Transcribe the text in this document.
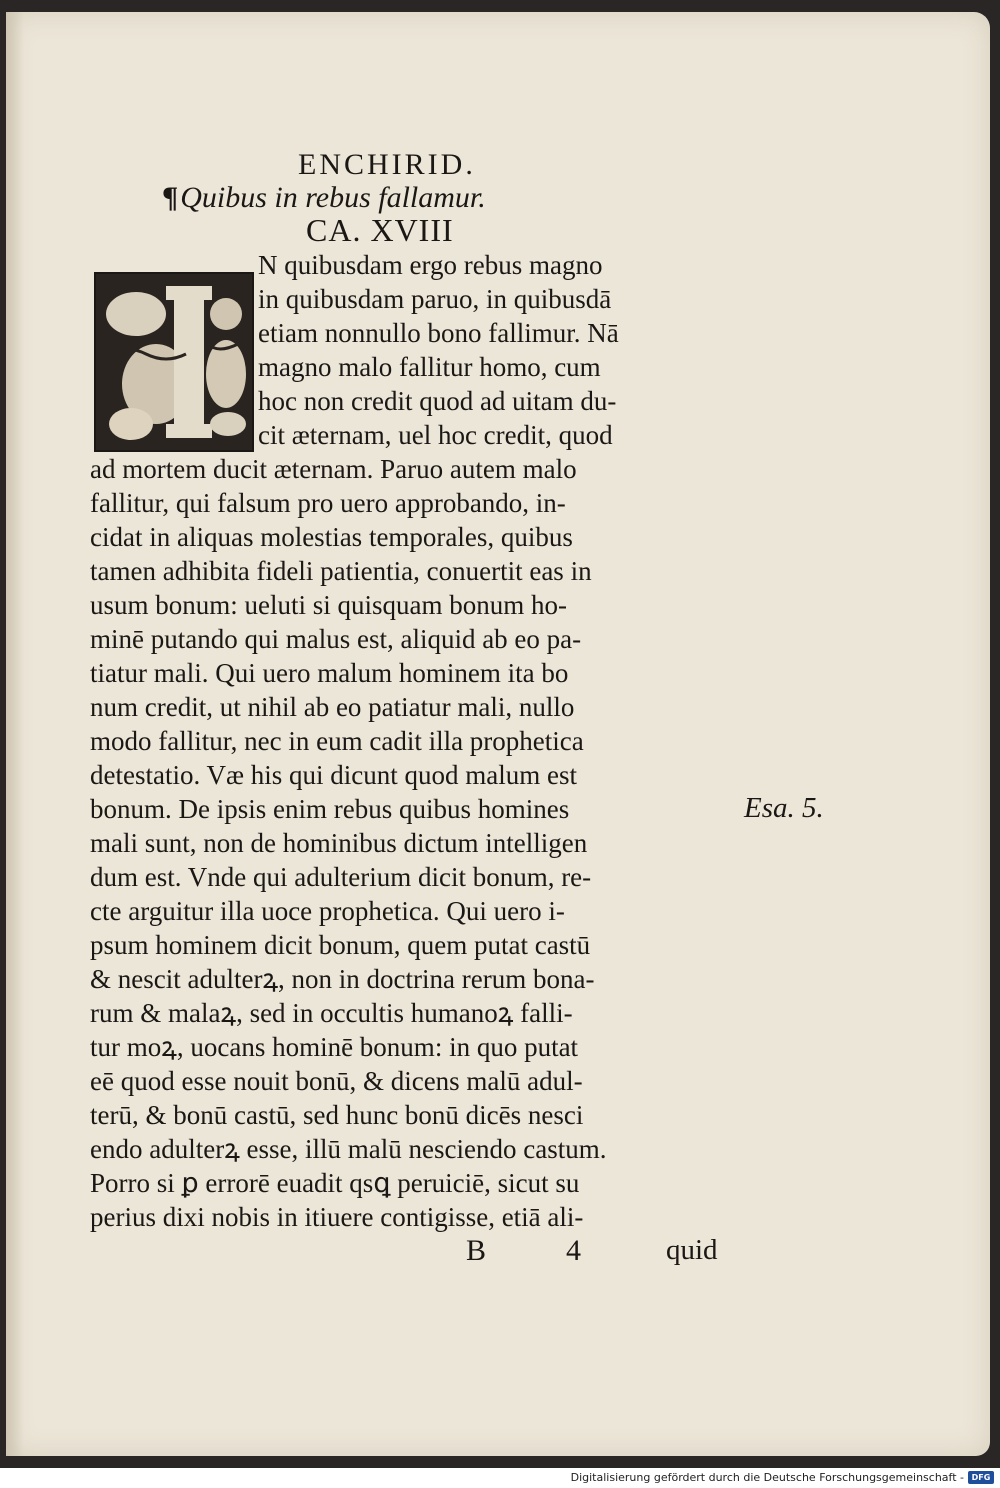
ENCHIRID.
¶Quibus in rebus fallamur.
CA. XVIII
N quibusdam ergo rebus magno
in quibusdam paruo, in quibusdā
etiam nonnullo bono fallimur. Nā
magno malo fallitur homo, cum
hoc non credit quod ad uitam du-
cit æternam, uel hoc credit, quod
ad mortem ducit æternam. Paruo autem malo
fallitur, qui falsum pro uero approbando, in-
cidat in aliquas molestias temporales, quibus
tamen adhibita fideli patientia, conuertit eas in
usum bonum: ueluti si quisquam bonum ho-
minē putando qui malus est, aliquid ab eo pa-
tiatur mali. Qui uero malum hominem ita bo
num credit, ut nihil ab eo patiatur mali, nullo
modo fallitur, nec in eum cadit illa prophetica
detestatio. Væ his qui dicunt quod malum est
bonum. De ipsis enim rebus quibus homines
mali sunt, non de hominibus dictum intelligen
dum est. Vnde qui adulterium dicit bonum, re-
cte arguitur illa uoce prophetica. Qui uero i-
psum hominem dicit bonum, quem putat castū
& nescit adulterꝝ, non in doctrina rerum bona-
rum & malaꝝ, sed in occultis humanoꝝ falli-
tur moꝝ, uocans hominē bonum: in quo putat
eē quod esse nouit bonū, & dicens malū adul-
terū, & bonū castū, sed hunc bonū dicēs nesci
endo adulterꝝ esse, illū malū nesciendo castum.
Porro si ꝑ errorē euadit qsꝗ peruiciē, sicut su
perius dixi nobis in itiuere contigisse, etiā ali-
Esa. 5.
B	4	quid
Digitalisierung gefördert durch die Deutsche Forschungsgemeinschaft - DFG
